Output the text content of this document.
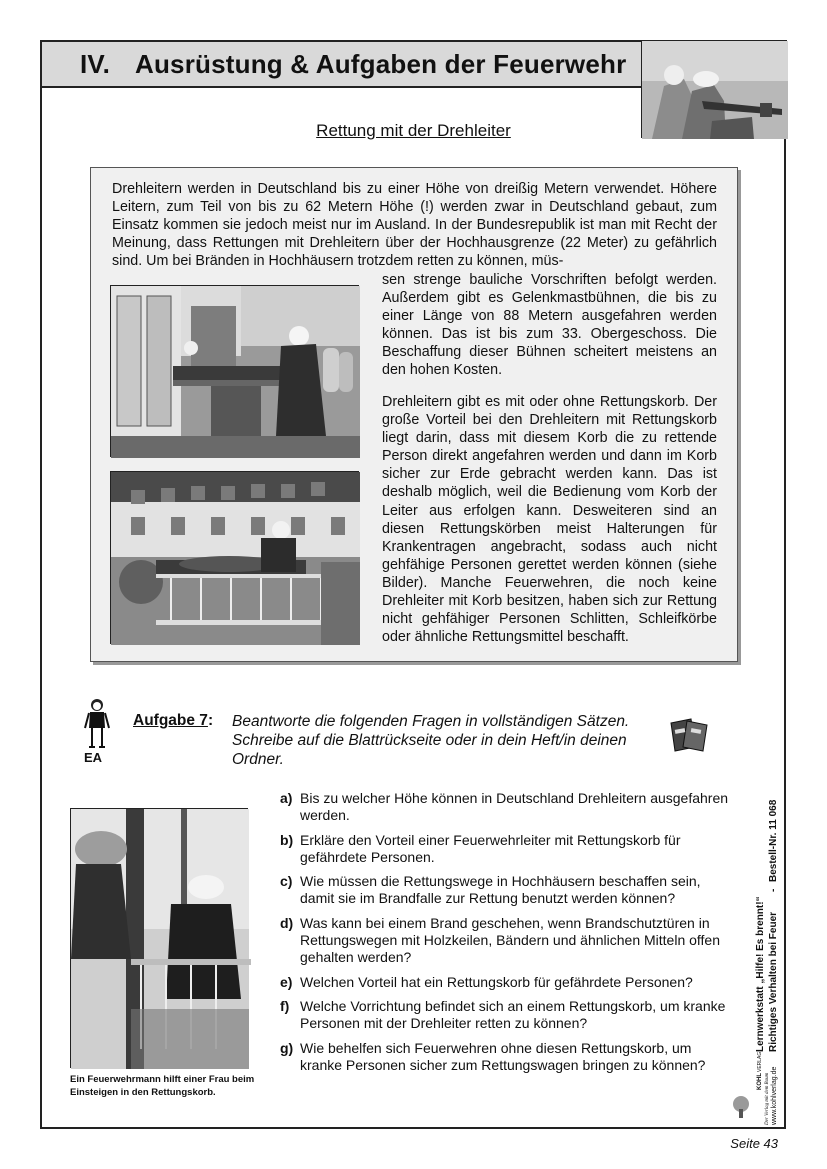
IV. Ausrüstung & Aufgaben der Feuerwehr
Rettung mit der Drehleiter

Drehleitern werden in Deutschland bis zu einer Höhe von dreißig Metern verwendet. Höhere Leitern, zum Teil von bis zu 62 Metern Höhe (!) werden zwar in Deutschland gebaut, zum Einsatz kommen sie jedoch meist nur im Ausland. In der Bundesrepublik ist man mit Recht der Meinung, dass Rettungen mit Drehleitern über der Hochhausgrenze (22 Meter) zu gefährlich sind. Um bei Bränden in Hochhäusern trotzdem retten zu können, müs-

sen strenge bauliche Vorschriften befolgt werden. Außerdem gibt es Gelenkmastbühnen, die bis zu einer Länge von 88 Metern ausgefahren werden können. Das ist bis zum 33. Obergeschoss. Die Beschaffung dieser Bühnen scheitert meistens an den hohen Kosten.

Drehleitern gibt es mit oder ohne Rettungskorb. Der große Vorteil bei den Drehleitern mit Rettungskorb liegt darin, dass mit diesem Korb die zu rettende Person direkt angefahren werden und dann im Korb sicher zur Erde gebracht werden kann. Das ist deshalb möglich, weil die Bedienung vom Korb der Leiter aus erfolgen kann. Desweiteren sind an diesen Rettungskörben meist Halterungen für Krankentragen angebracht, sodass auch nicht gehfähige Personen gerettet werden können (siehe Bilder). Manche Feuerwehren, die noch keine Drehleiter mit Korb besitzen, haben sich zur Rettung nicht gehfähiger Personen Schlitten, Schleifkörbe oder ähnliche Rettungsmittel beschafft.

EA
Aufgabe 7: Beantworte die folgenden Fragen in vollständigen Sätzen. Schreibe auf die Blattrückseite oder in dein Heft/in deinen Ordner.

Ein Feuerwehrmann hilft einer Frau beim Einsteigen in den Rettungskorb.

a) Bis zu welcher Höhe können in Deutschland Drehleitern ausgefahren werden.
b) Erkläre den Vorteil einer Feuerwehrleiter mit Rettungskorb für gefährdete Personen.
c) Wie müssen die Rettungswege in Hochhäusern beschaffen sein, damit sie im Brandfalle zur Rettung benutzt werden können?
d) Was kann bei einem Brand geschehen, wenn Brandschutztüren in Rettungswegen mit Holzkeilen, Bändern und ähnlichen Mitteln offen gehalten werden?
e) Welchen Vorteil hat ein Rettungskorb für gefährdete Personen?
f) Welche Vorrichtung befindet sich an einem Rettungskorb, um kranke Personen mit der Drehleiter retten zu können?
g) Wie behelfen sich Feuerwehren ohne diesen Rettungskorb, um kranke Personen sicher zum Rettungswagen bringen zu können?
Bestell-Nr. 11 068
-
Lernwerkstatt „Hilfe! Es brennt!“ Richtiges Verhalten bei Feuer
www.kohlverlag.de
Der Verlag mit dem Baum
KOHL
VERLAG
Seite 43
